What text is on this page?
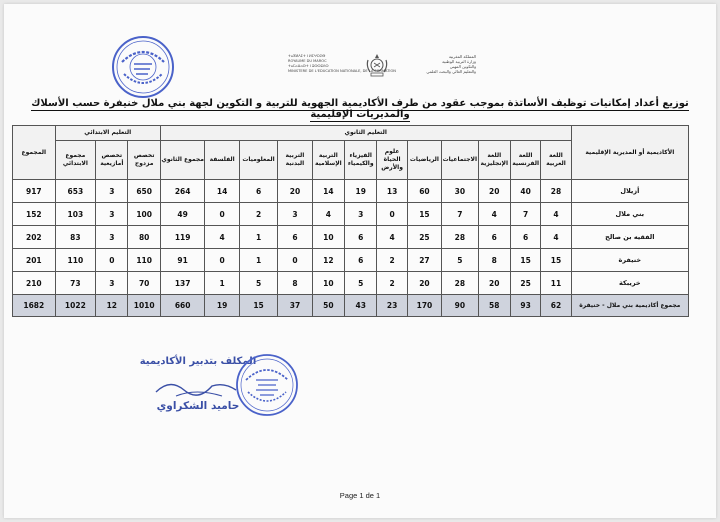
المملكة المغربية
وزارة التربية الوطنية
والتكوين المهني
والتعليم العالي والبحث العلمي
ⵜⴰⴳⵍⴷⵉⵜ ⵏ ⵍⵎⵖⵔⵉⴱ
ROYAUME DU MAROC
ⵜⴰⵎⴰⵡⴰⵙⵜ ⵏ ⵓⵙⵙⵓⴷⵙ
MINISTERE DE L'EDUCATION NATIONALE, DE LA FORMATION
توزيع أعداد إمكانيات توظيف الأساتذة بموجب عقود من طرف الأكاديمية الجهوية للتربية و التكوين لجهة بني ملال خنيفرة حسب الأسلاك والمديريات الإقليمية
الأكاديمية أو المديرية الإقليمية	التعليم الثانوي												التعليم الابتدائي			المجموع
	اللغة العربية	اللغة الفرنسية	اللغة الإنجليزية	الاجتماعيات	الرياضيات	علوم الحياة والأرض	الفيزياء والكيمياء	التربية الإسلامية	التربية البدنية	المعلوميات	الفلسفة	مجموع الثانوي	تخصص مزدوج	تخصص أمازيغية	مجموع الابتدائي	
أزيلال	28	40	20	30	60	13	19	14	20	6	14	264	650	3	653	917
بني ملال	4	7	4	7	15	0	3	4	3	2	0	49	100	3	103	152
الفقيه بن صالح	4	6	6	28	25	4	6	10	6	1	4	119	80	3	83	202
خنيفرة	15	15	8	5	27	2	6	12	0	1	0	91	110	0	110	201
خريبكة	11	25	20	28	20	2	5	10	8	5	1	137	70	3	73	210
مجموع أكاديمية بني ملال - خنيفرة	62	93	58	90	170	23	43	50	37	15	19	660	1010	12	1022	1682
المكلف بتدبير الأكاديمية
حاميد الشكراوي
Page 1 de 1
